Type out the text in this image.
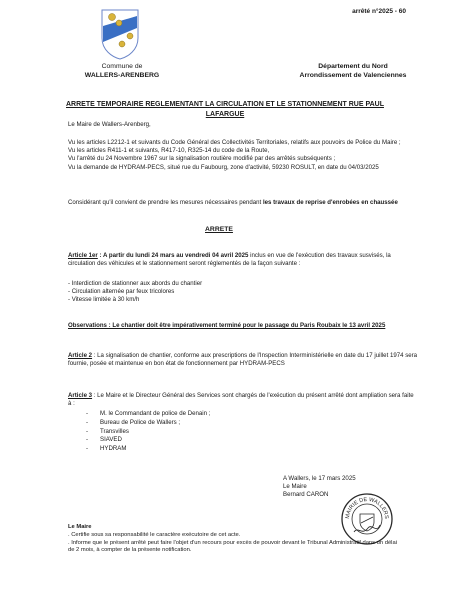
arrêté n°2025 - 60
Commune de
WALLERS-ARENBERG
Département du Nord
Arrondissement de Valenciennes
ARRETE TEMPORAIRE REGLEMENTANT LA CIRCULATION ET LE STATIONNEMENT RUE PAUL LAFARGUE
Le Maire de Wallers-Arenberg,
Vu les articles L2212-1 et suivants du Code Général des Collectivités Territoriales, relatifs aux pouvoirs de Police du Maire ;
Vu les articles R411-1 et suivants, R417-10, R325-14 du code de la Route,
Vu l'arrêté du 24 Novembre 1967 sur la signalisation routière modifié par des arrêtés subséquents ;
Vu la demande de HYDRAM-PECS, situé rue du Faubourg, zone d'activité, 59230 ROSULT, en date du 04/03/2025
Considérant qu'il convient de prendre les mesures nécessaires pendant les travaux de reprise d'enrobées en chaussée
ARRETE
Article 1er : A partir du lundi 24 mars au vendredi 04 avril 2025 inclus en vue de l'exécution des travaux susvisés, la circulation des véhicules et le stationnement seront réglementés de la façon suivante :
- Interdiction de stationner aux abords du chantier
- Circulation alternée par feux tricolores
- Vitesse limitée à 30 km/h
Observations : Le chantier doit être impérativement terminé pour le passage du Paris Roubaix le 13 avril 2025
Article 2 : La signalisation de chantier, conforme aux prescriptions de l'Inspection Interministérielle en date du 17 juillet 1974 sera fournie, posée et maintenue en bon état de fonctionnement par HYDRAM-PECS
Article 3 : Le Maire et le Directeur Général des Services sont chargés de l'exécution du présent arrêté dont ampliation sera faite à :
- M. le Commandant de police de Denain ;
- Bureau de Police de Wallers ;
- Transvilles
- SIAVED
- HYDRAM
A Wallers, le 17 mars 2025
Le Maire
Bernard CARON
MAIRIE DE WALLERS
Le Maire
. Certifie sous sa responsabilité le caractère exécutoire de cet acte.
. Informe que le présent arrêté peut faire l'objet d'un recours pour excès de pouvoir devant le Tribunal Administratif dans un délai de 2 mois, à compter de la présente notification.
